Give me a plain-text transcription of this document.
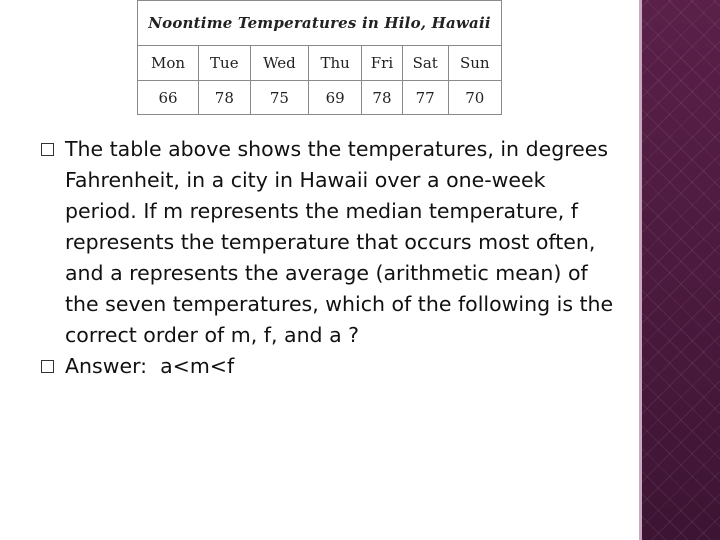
Noontime Temperatures in Hilo, Hawaii						
Mon	Tue	Wed	Thu	Fri	Sat	Sun
66	78	75	69	78	77	70
The table above shows the temperatures, in degrees Fahrenheit, in a city in Hawaii over a one-week period. If m represents the median temperature, f represents the temperature that occurs most often, and a represents the average (arithmetic mean) of the seven temperatures, which of the following is the correct order of m, f, and a ?
Answer:  a<m<f
